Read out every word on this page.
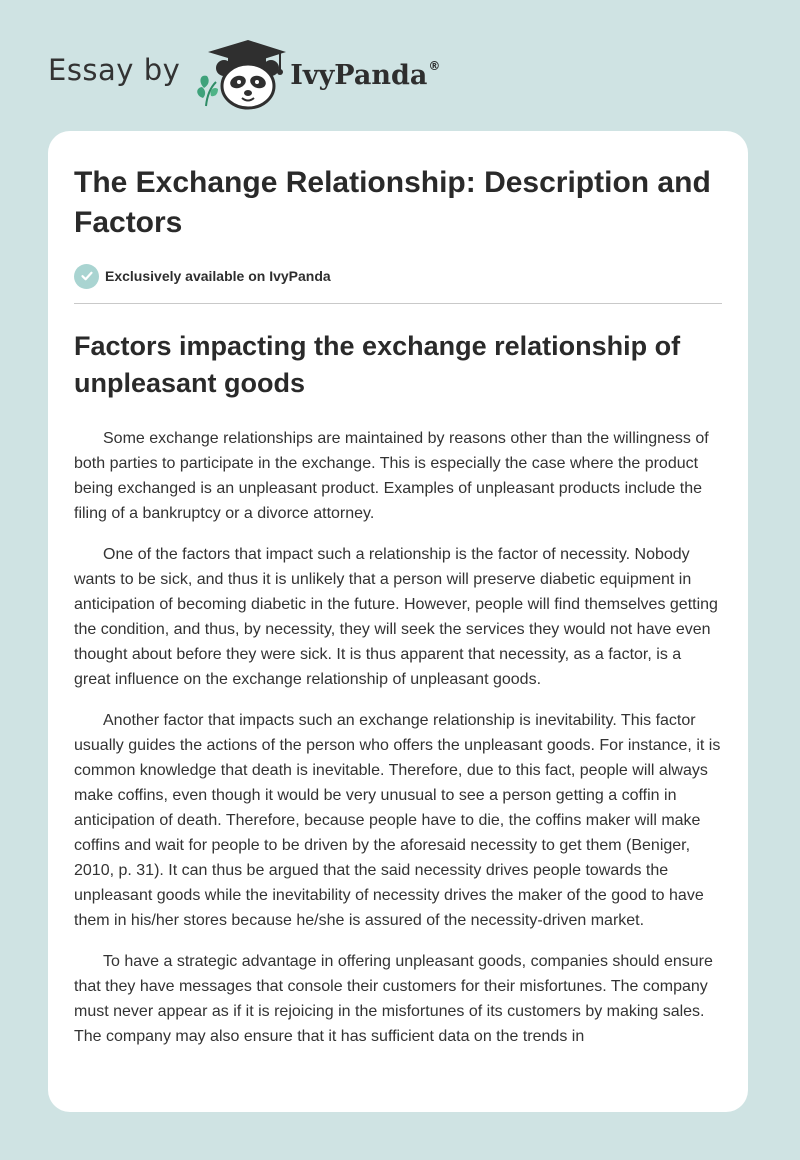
Essay by	IvyPanda®
The Exchange Relationship: Description and Factors
Exclusively available on IvyPanda
Factors impacting the exchange relationship of unpleasant goods

Some exchange relationships are maintained by reasons other than the willingness of both parties to participate in the exchange. This is especially the case where the product being exchanged is an unpleasant product. Examples of unpleasant products include the filing of a bankruptcy or a divorce attorney.

One of the factors that impact such a relationship is the factor of necessity. Nobody wants to be sick, and thus it is unlikely that a person will preserve diabetic equipment in anticipation of becoming diabetic in the future. However, people will find themselves getting the condition, and thus, by necessity, they will seek the services they would not have even thought about before they were sick. It is thus apparent that necessity, as a factor, is a great influence on the exchange relationship of unpleasant goods.

Another factor that impacts such an exchange relationship is inevitability. This factor usually guides the actions of the person who offers the unpleasant goods. For instance, it is common knowledge that death is inevitable. Therefore, due to this fact, people will always make coffins, even though it would be very unusual to see a person getting a coffin in anticipation of death. Therefore, because people have to die, the coffins maker will make coffins and wait for people to be driven by the aforesaid necessity to get them (Beniger, 2010, p. 31). It can thus be argued that the said necessity drives people towards the unpleasant goods while the inevitability of necessity drives the maker of the good to have them in his/her stores because he/she is assured of the necessity-driven market.

To have a strategic advantage in offering unpleasant goods, companies should ensure that they have messages that console their customers for their misfortunes. The company must never appear as if it is rejoicing in the misfortunes of its customers by making sales. The company may also ensure that it has sufficient data on the trends in
